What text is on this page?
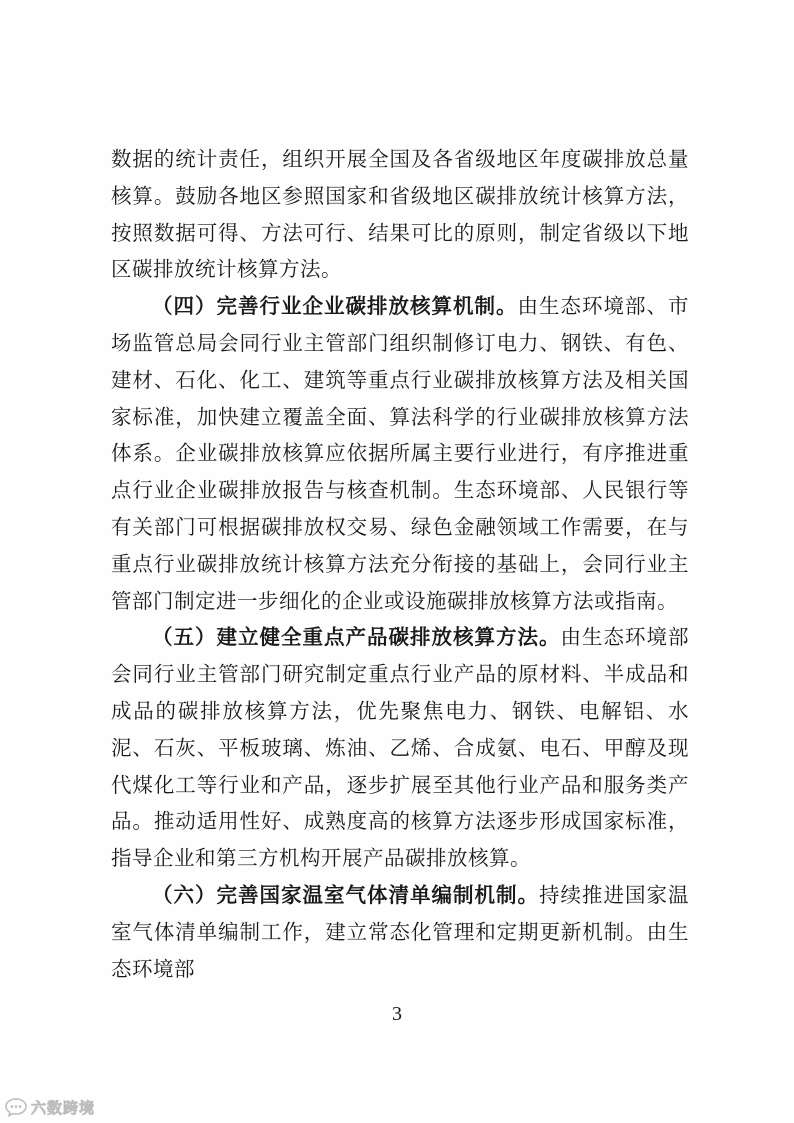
数据的统计责任，组织开展全国及各省级地区年度碳排放总量核算。鼓励各地区参照国家和省级地区碳排放统计核算方法，按照数据可得、方法可行、结果可比的原则，制定省级以下地区碳排放统计核算方法。

（四）完善行业企业碳排放核算机制。由生态环境部、市场监管总局会同行业主管部门组织制修订电力、钢铁、有色、建材、石化、化工、建筑等重点行业碳排放核算方法及相关国家标准，加快建立覆盖全面、算法科学的行业碳排放核算方法体系。企业碳排放核算应依据所属主要行业进行，有序推进重点行业企业碳排放报告与核查机制。生态环境部、人民银行等有关部门可根据碳排放权交易、绿色金融领域工作需要，在与重点行业碳排放统计核算方法充分衔接的基础上，会同行业主管部门制定进一步细化的企业或设施碳排放核算方法或指南。

（五）建立健全重点产品碳排放核算方法。由生态环境部会同行业主管部门研究制定重点行业产品的原材料、半成品和成品的碳排放核算方法，优先聚焦电力、钢铁、电解铝、水泥、石灰、平板玻璃、炼油、乙烯、合成氨、电石、甲醇及现代煤化工等行业和产品，逐步扩展至其他行业产品和服务类产品。推动适用性好、成熟度高的核算方法逐步形成国家标准，指导企业和第三方机构开展产品碳排放核算。

（六）完善国家温室气体清单编制机制。持续推进国家温室气体清单编制工作，建立常态化管理和定期更新机制。由生态环境部

3
六数跨境
